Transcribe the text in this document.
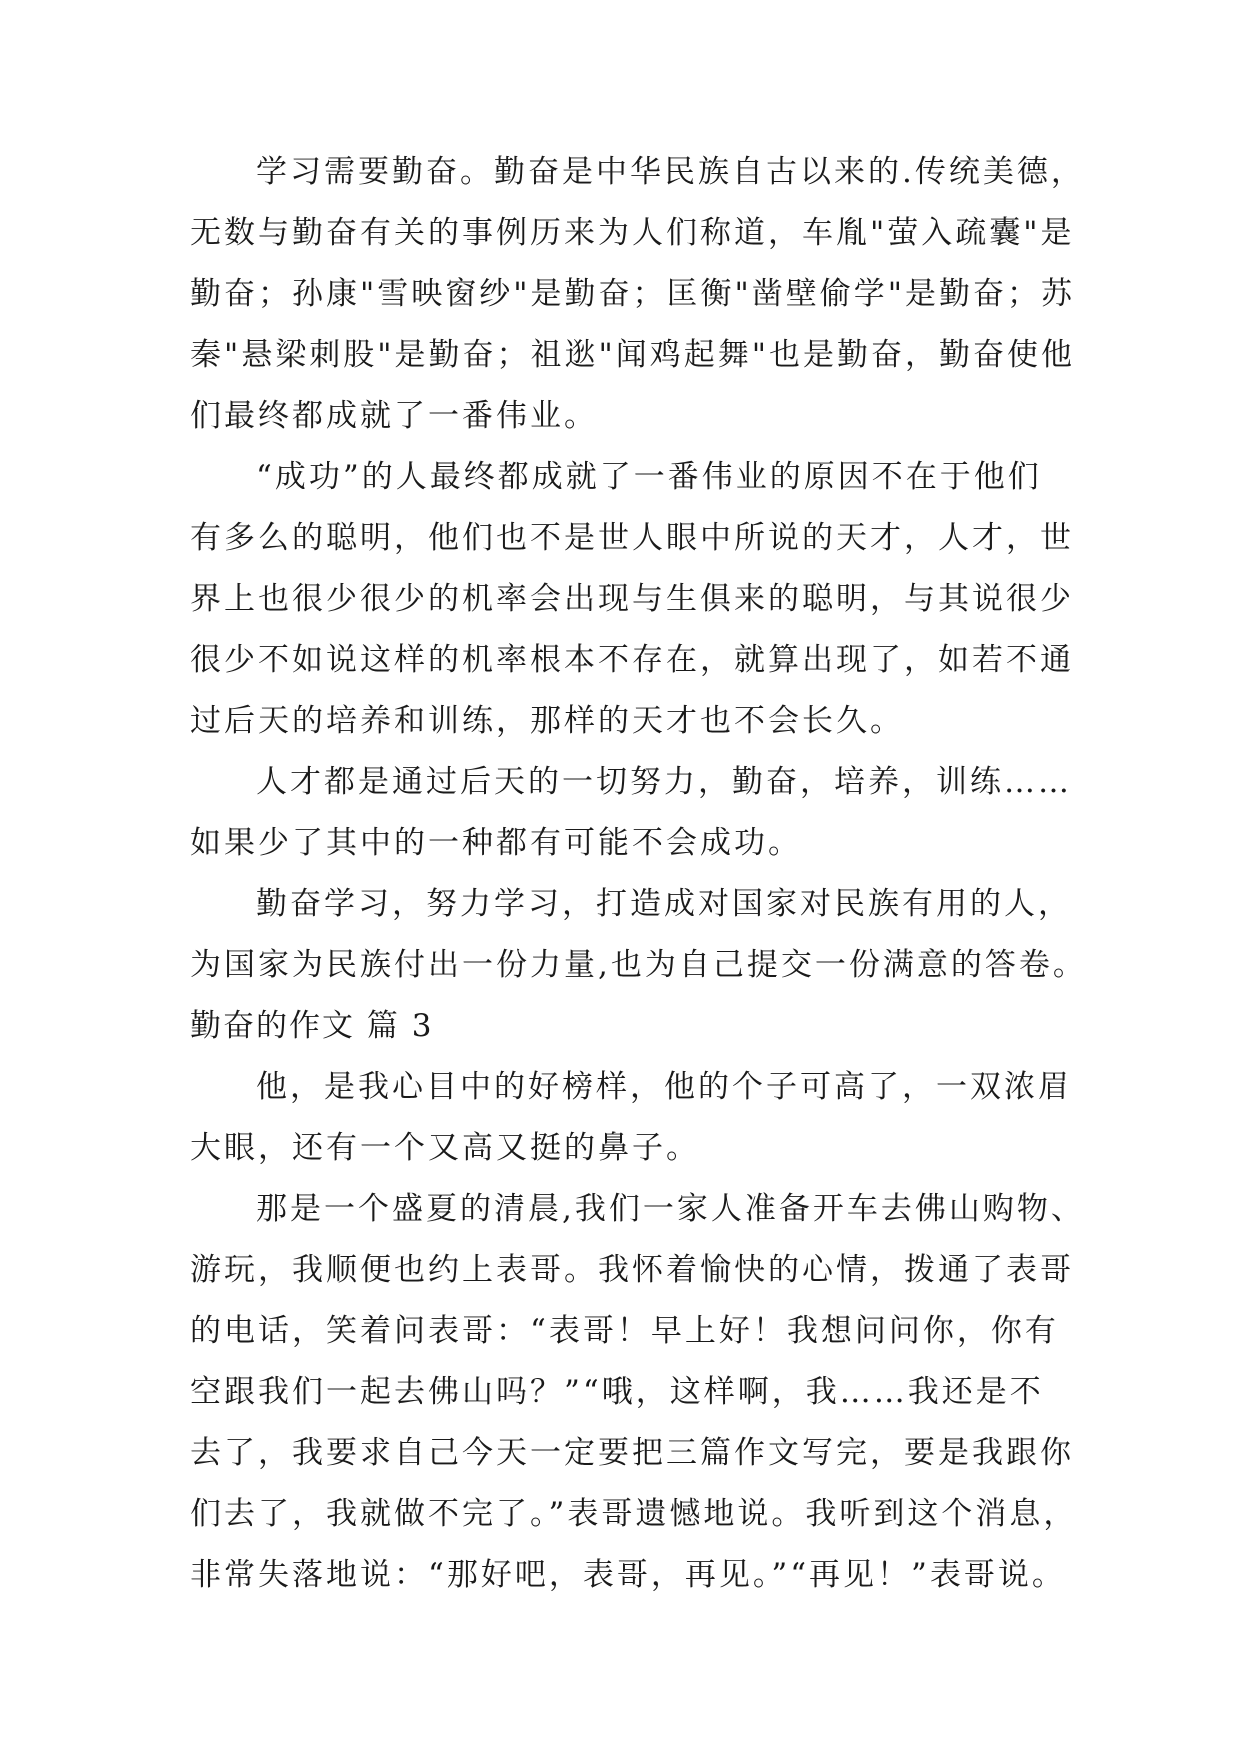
学习需要勤奋。勤奋是中华民族自古以来的.传统美德，

无数与勤奋有关的事例历来为人们称道，车胤"萤入疏囊"是

勤奋；孙康"雪映窗纱"是勤奋；匡衡"凿壁偷学"是勤奋；苏

秦"悬梁刺股"是勤奋；祖逖"闻鸡起舞"也是勤奋，勤奋使他

们最终都成就了一番伟业。

“成功”的人最终都成就了一番伟业的原因不在于他们

有多么的聪明，他们也不是世人眼中所说的天才，人才，世

界上也很少很少的机率会出现与生俱来的聪明，与其说很少

很少不如说这样的机率根本不存在，就算出现了，如若不通

过后天的培养和训练，那样的天才也不会长久。

人才都是通过后天的一切努力，勤奋，培养，训练……

如果少了其中的一种都有可能不会成功。

勤奋学习，努力学习，打造成对国家对民族有用的人，

为国家为民族付出一份力量,也为自己提交一份满意的答卷。

勤奋的作文 篇 3

他，是我心目中的好榜样，他的个子可高了，一双浓眉

大眼，还有一个又高又挺的鼻子。

那是一个盛夏的清晨,我们一家人准备开车去佛山购物、

游玩，我顺便也约上表哥。我怀着愉快的心情，拨通了表哥

的电话，笑着问表哥：“表哥！早上好！我想问问你，你有

空跟我们一起去佛山吗？”“哦，这样啊，我……我还是不

去了，我要求自己今天一定要把三篇作文写完，要是我跟你

们去了，我就做不完了。”表哥遗憾地说。我听到这个消息，

非常失落地说：“那好吧，表哥，再见。”“再见！”表哥说。
